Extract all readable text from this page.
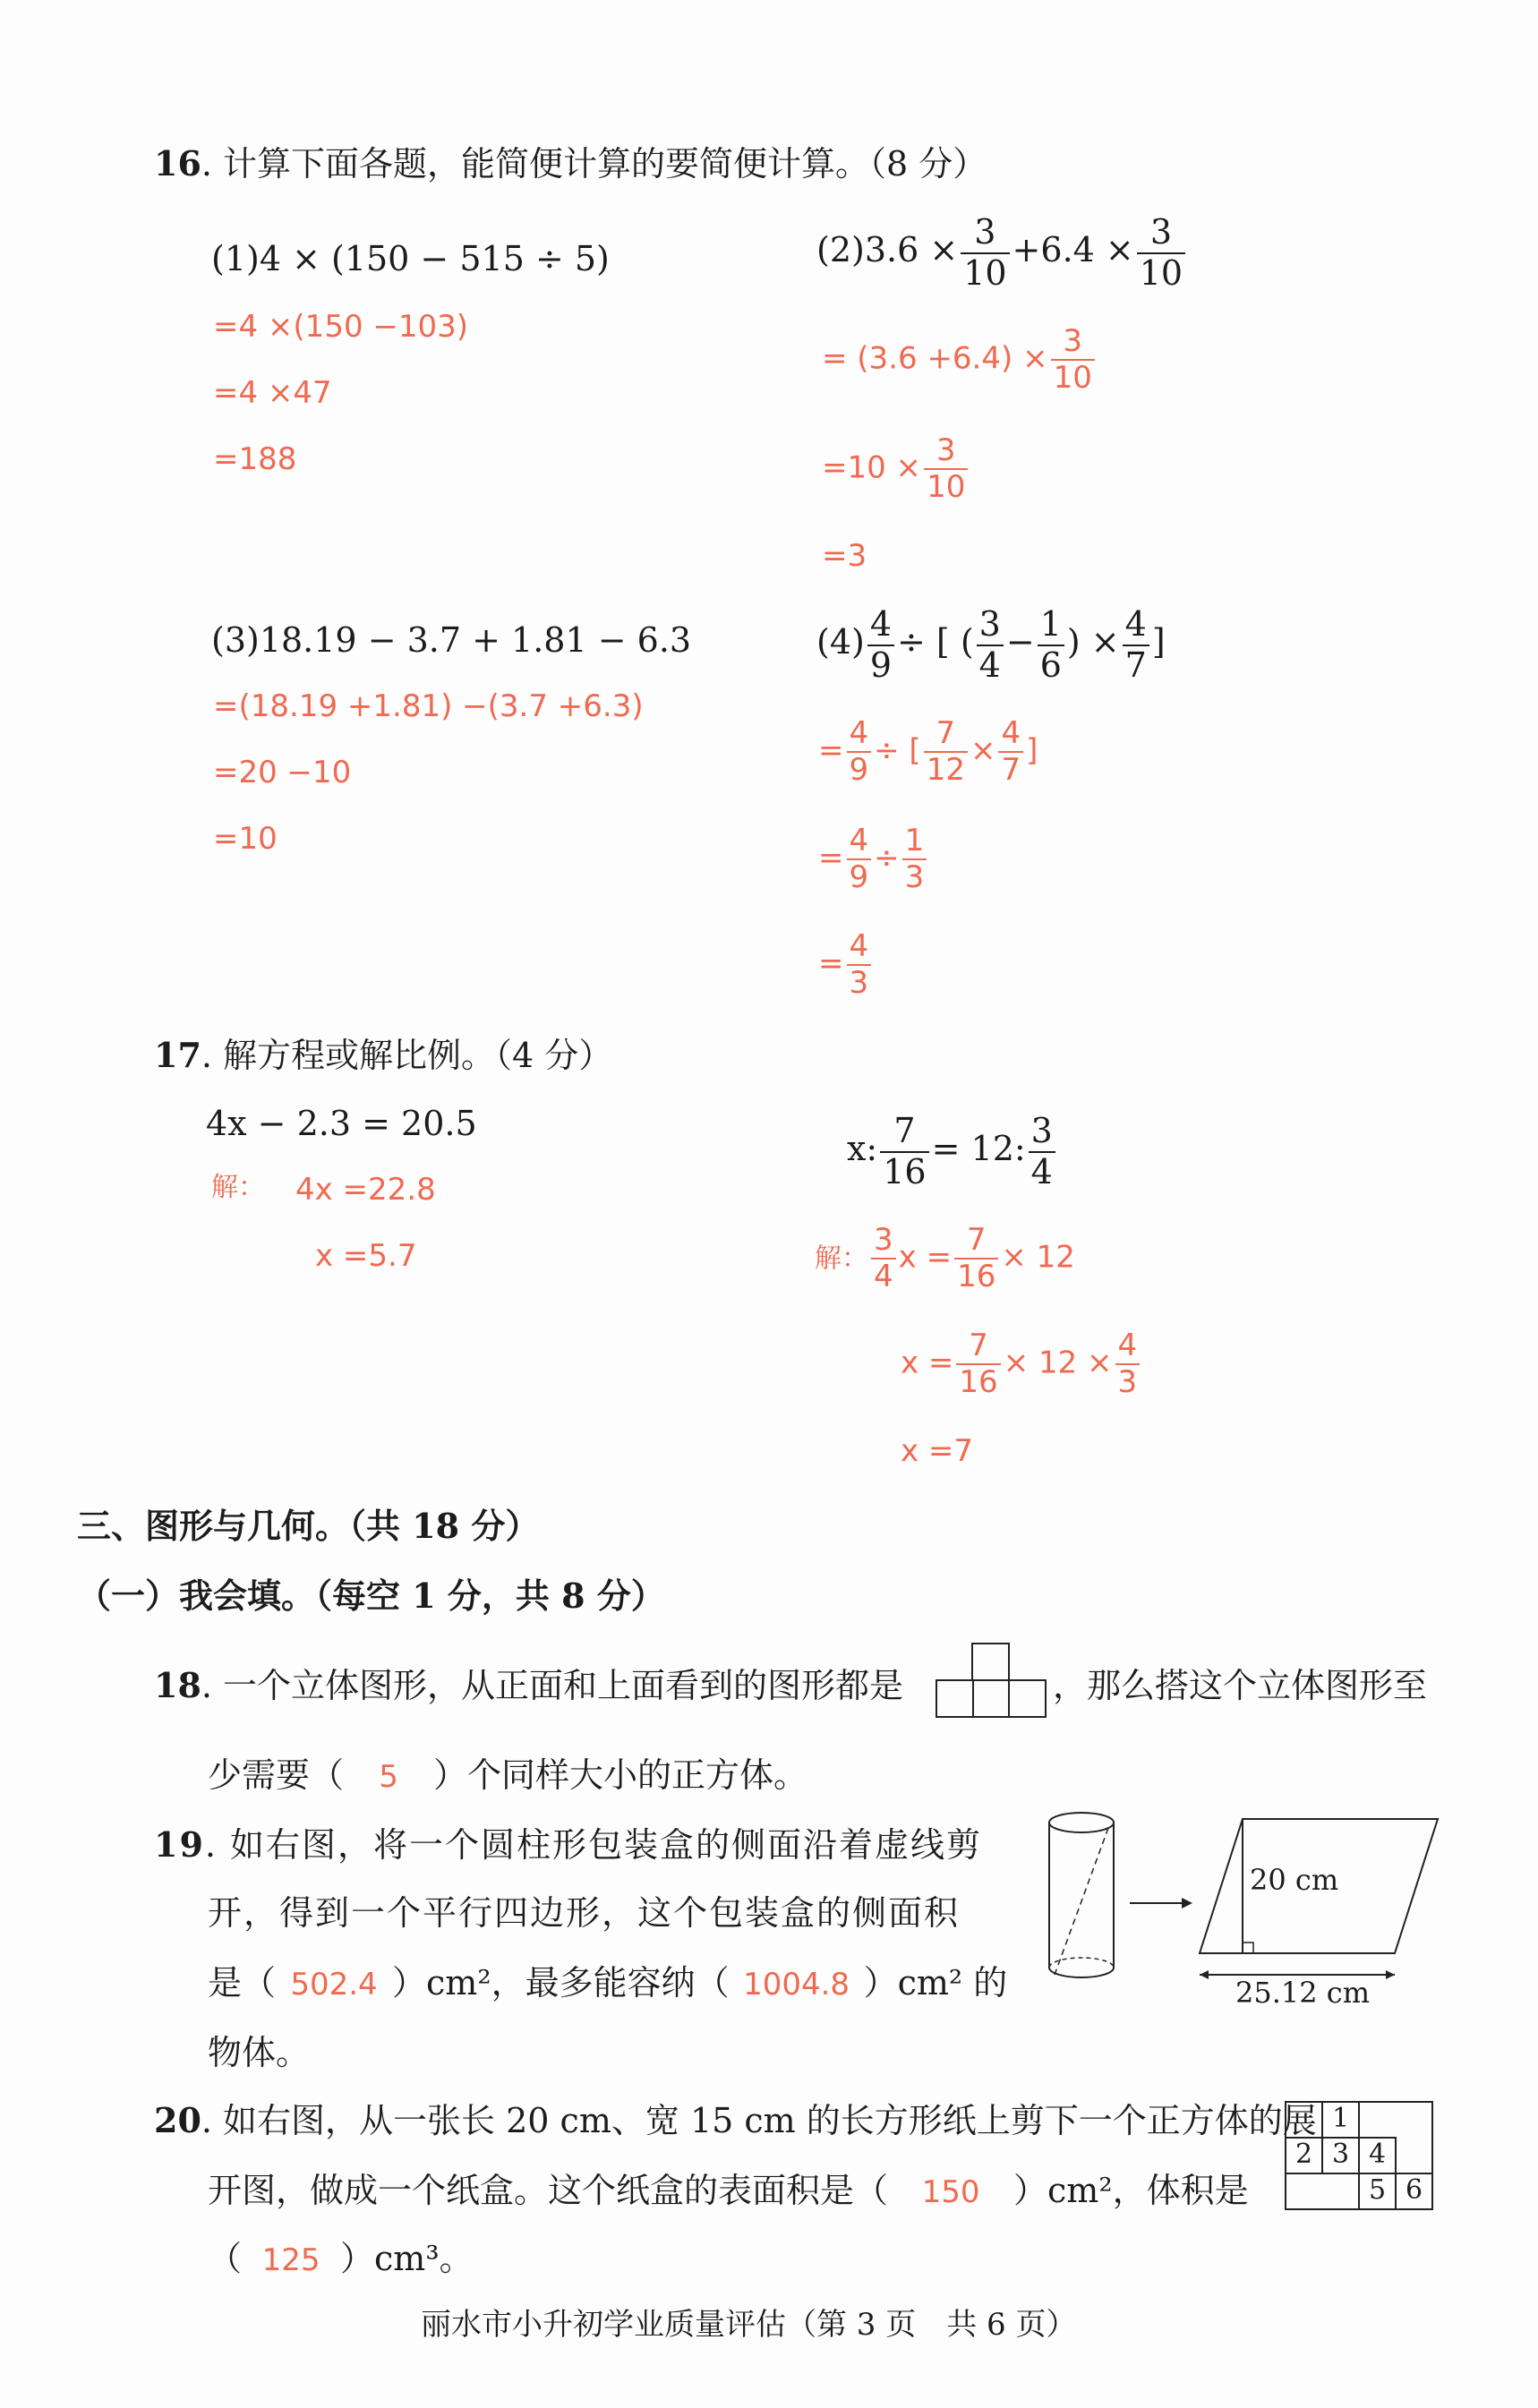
16. 计算下面各题，能简便计算的要简便计算。（8 分）
(1)4 × (150 − 515 ÷ 5)
=4 ×(150 −103)
=4 ×47
=188
$(2)3.6 \times \frac{3}{10} +6.4 \times \frac{3}{10}$
= $(3.6 +6.4) \times \frac{3}{10}$
$=10 \times \frac{3}{10}$
=3
(3)18.19 − 3.7 + 1.81 − 6.3
=(18.19 +1.81) −(3.7 +6.3)
=20 −10
=10
$(4) \frac{4}{9}$ ÷ [ ( $\frac{3}{4} - \frac{1}{6}$ ) × $\frac{4}{7}$ ]
= $\frac{4}{9}$ ÷ [ $\frac{7}{12} \times \frac{4}{7}$ ]
= $\frac{4}{9} \div \frac{1}{3}$
= $\frac{4}{3}$
17. 解方程或解比例。（4 分）
4x − 2.3 = 20.5
解： 4x =22.8
x =5.7
x: $\frac{7}{16} = 12$: $\frac{3}{4}$
解： $\frac{3}{4}$ $x = \frac{7}{16} \times 12$
$x = \frac{7}{16} \times 12 \times \frac{4}{3}$
x =7
三、图形与几何。（共 18 分）
（一）我会填。（每空 1 分，共 8 分）
18. 一个立体图形，从正面和上面看到的图形都是	，那么搭这个立体图形至
少需要（ 5 ）个同样大小的正方体。
19. 如右图，将一个圆柱形包装盒的侧面沿着虚线剪
开，得到一个平行四边形，这个包装盒的侧面积
是（ 502.4 ）cm²，最多能容纳（ 1004.8 ）cm² 的
物体。
20 cm
25.12 cm
20. 如右图，从一张长 20 cm、宽 15 cm 的长方形纸上剪下一个正方体的展
开图，做成一个纸盒。这个纸盒的表面积是（ 150 ）cm²，体积是
（ 125 ）cm³。
1
2 3 4
5 6
丽水市小升初学业质量评估（第 3 页　共 6 页）
